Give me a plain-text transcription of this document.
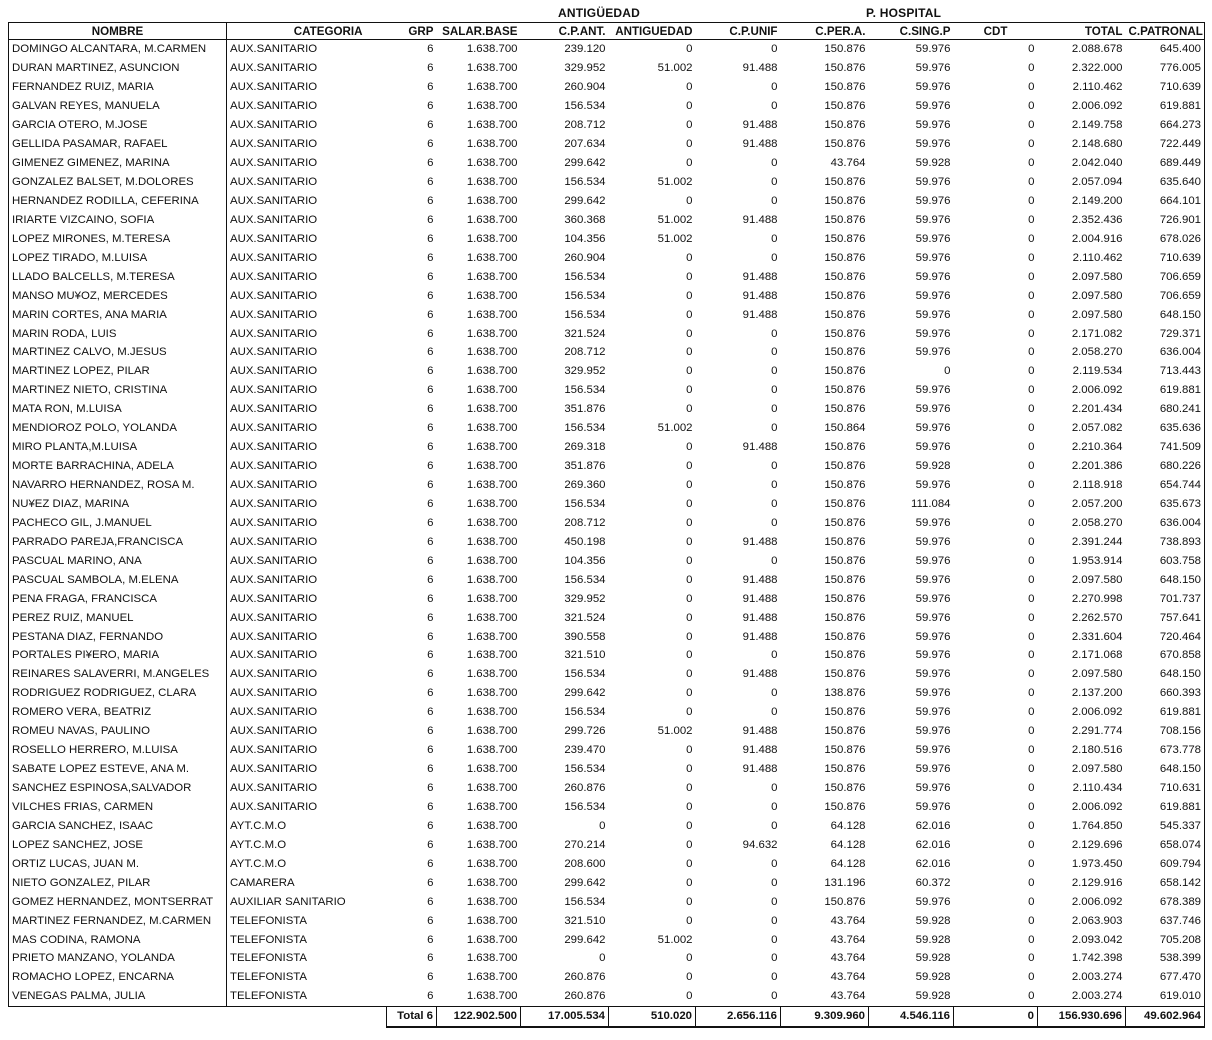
ANTIGÜEDAD	P. HOSPITAL
NOMBRE	CATEGORIA	GRP	SALAR.BASE	C.P.ANT.	ANTIGUEDAD	C.P.UNIF	C.PER.A.	C.SING.P	CDT	TOTAL	C.PATRONAL
DOMINGO ALCANTARA, M.CARMEN	AUX.SANITARIO	6	1.638.700	239.120	0	0	150.876	59.976	0	2.088.678	645.400
DURAN MARTINEZ, ASUNCION	AUX.SANITARIO	6	1.638.700	329.952	51.002	91.488	150.876	59.976	0	2.322.000	776.005
FERNANDEZ RUIZ, MARIA	AUX.SANITARIO	6	1.638.700	260.904	0	0	150.876	59.976	0	2.110.462	710.639
GALVAN REYES, MANUELA	AUX.SANITARIO	6	1.638.700	156.534	0	0	150.876	59.976	0	2.006.092	619.881
GARCIA OTERO, M.JOSE	AUX.SANITARIO	6	1.638.700	208.712	0	91.488	150.876	59.976	0	2.149.758	664.273
GELLIDA PASAMAR, RAFAEL	AUX.SANITARIO	6	1.638.700	207.634	0	91.488	150.876	59.976	0	2.148.680	722.449
GIMENEZ GIMENEZ, MARINA	AUX.SANITARIO	6	1.638.700	299.642	0	0	43.764	59.928	0	2.042.040	689.449
GONZALEZ BALSET, M.DOLORES	AUX.SANITARIO	6	1.638.700	156.534	51.002	0	150.876	59.976	0	2.057.094	635.640
HERNANDEZ RODILLA, CEFERINA	AUX.SANITARIO	6	1.638.700	299.642	0	0	150.876	59.976	0	2.149.200	664.101
IRIARTE VIZCAINO, SOFIA	AUX.SANITARIO	6	1.638.700	360.368	51.002	91.488	150.876	59.976	0	2.352.436	726.901
LOPEZ MIRONES, M.TERESA	AUX.SANITARIO	6	1.638.700	104.356	51.002	0	150.876	59.976	0	2.004.916	678.026
LOPEZ TIRADO, M.LUISA	AUX.SANITARIO	6	1.638.700	260.904	0	0	150.876	59.976	0	2.110.462	710.639
LLADO BALCELLS, M.TERESA	AUX.SANITARIO	6	1.638.700	156.534	0	91.488	150.876	59.976	0	2.097.580	706.659
MANSO MU¥OZ, MERCEDES	AUX.SANITARIO	6	1.638.700	156.534	0	91.488	150.876	59.976	0	2.097.580	706.659
MARIN CORTES, ANA MARIA	AUX.SANITARIO	6	1.638.700	156.534	0	91.488	150.876	59.976	0	2.097.580	648.150
MARIN RODA, LUIS	AUX.SANITARIO	6	1.638.700	321.524	0	0	150.876	59.976	0	2.171.082	729.371
MARTINEZ CALVO, M.JESUS	AUX.SANITARIO	6	1.638.700	208.712	0	0	150.876	59.976	0	2.058.270	636.004
MARTINEZ LOPEZ, PILAR	AUX.SANITARIO	6	1.638.700	329.952	0	0	150.876	0	0	2.119.534	713.443
MARTINEZ NIETO, CRISTINA	AUX.SANITARIO	6	1.638.700	156.534	0	0	150.876	59.976	0	2.006.092	619.881
MATA RON, M.LUISA	AUX.SANITARIO	6	1.638.700	351.876	0	0	150.876	59.976	0	2.201.434	680.241
MENDIOROZ POLO, YOLANDA	AUX.SANITARIO	6	1.638.700	156.534	51.002	0	150.864	59.976	0	2.057.082	635.636
MIRO PLANTA,M.LUISA	AUX.SANITARIO	6	1.638.700	269.318	0	91.488	150.876	59.976	0	2.210.364	741.509
MORTE BARRACHINA, ADELA	AUX.SANITARIO	6	1.638.700	351.876	0	0	150.876	59.928	0	2.201.386	680.226
NAVARRO HERNANDEZ, ROSA M.	AUX.SANITARIO	6	1.638.700	269.360	0	0	150.876	59.976	0	2.118.918	654.744
NU¥EZ DIAZ, MARINA	AUX.SANITARIO	6	1.638.700	156.534	0	0	150.876	111.084	0	2.057.200	635.673
PACHECO GIL, J.MANUEL	AUX.SANITARIO	6	1.638.700	208.712	0	0	150.876	59.976	0	2.058.270	636.004
PARRADO PAREJA,FRANCISCA	AUX.SANITARIO	6	1.638.700	450.198	0	91.488	150.876	59.976	0	2.391.244	738.893
PASCUAL MARINO, ANA	AUX.SANITARIO	6	1.638.700	104.356	0	0	150.876	59.976	0	1.953.914	603.758
PASCUAL SAMBOLA, M.ELENA	AUX.SANITARIO	6	1.638.700	156.534	0	91.488	150.876	59.976	0	2.097.580	648.150
PENA FRAGA, FRANCISCA	AUX.SANITARIO	6	1.638.700	329.952	0	91.488	150.876	59.976	0	2.270.998	701.737
PEREZ RUIZ, MANUEL	AUX.SANITARIO	6	1.638.700	321.524	0	91.488	150.876	59.976	0	2.262.570	757.641
PESTANA DIAZ, FERNANDO	AUX.SANITARIO	6	1.638.700	390.558	0	91.488	150.876	59.976	0	2.331.604	720.464
PORTALES PI¥ERO, MARIA	AUX.SANITARIO	6	1.638.700	321.510	0	0	150.876	59.976	0	2.171.068	670.858
REINARES SALAVERRI, M.ANGELES	AUX.SANITARIO	6	1.638.700	156.534	0	91.488	150.876	59.976	0	2.097.580	648.150
RODRIGUEZ RODRIGUEZ, CLARA	AUX.SANITARIO	6	1.638.700	299.642	0	0	138.876	59.976	0	2.137.200	660.393
ROMERO VERA, BEATRIZ	AUX.SANITARIO	6	1.638.700	156.534	0	0	150.876	59.976	0	2.006.092	619.881
ROMEU NAVAS, PAULINO	AUX.SANITARIO	6	1.638.700	299.726	51.002	91.488	150.876	59.976	0	2.291.774	708.156
ROSELLO HERRERO, M.LUISA	AUX.SANITARIO	6	1.638.700	239.470	0	91.488	150.876	59.976	0	2.180.516	673.778
SABATE LOPEZ ESTEVE, ANA M.	AUX.SANITARIO	6	1.638.700	156.534	0	91.488	150.876	59.976	0	2.097.580	648.150
SANCHEZ ESPINOSA,SALVADOR	AUX.SANITARIO	6	1.638.700	260.876	0	0	150.876	59.976	0	2.110.434	710.631
VILCHES FRIAS, CARMEN	AUX.SANITARIO	6	1.638.700	156.534	0	0	150.876	59.976	0	2.006.092	619.881
GARCIA SANCHEZ, ISAAC	AYT.C.M.O	6	1.638.700	0	0	0	64.128	62.016	0	1.764.850	545.337
LOPEZ SANCHEZ, JOSE	AYT.C.M.O	6	1.638.700	270.214	0	94.632	64.128	62.016	0	2.129.696	658.074
ORTIZ LUCAS, JUAN M.	AYT.C.M.O	6	1.638.700	208.600	0	0	64.128	62.016	0	1.973.450	609.794
NIETO GONZALEZ, PILAR	CAMARERA	6	1.638.700	299.642	0	0	131.196	60.372	0	2.129.916	658.142
GOMEZ HERNANDEZ, MONTSERRAT	AUXILIAR SANITARIO	6	1.638.700	156.534	0	0	150.876	59.976	0	2.006.092	678.389
MARTINEZ FERNANDEZ, M.CARMEN	TELEFONISTA	6	1.638.700	321.510	0	0	43.764	59.928	0	2.063.903	637.746
MAS CODINA, RAMONA	TELEFONISTA	6	1.638.700	299.642	51.002	0	43.764	59.928	0	2.093.042	705.208
PRIETO MANZANO, YOLANDA	TELEFONISTA	6	1.638.700	0	0	0	43.764	59.928	0	1.742.398	538.399
ROMACHO LOPEZ, ENCARNA	TELEFONISTA	6	1.638.700	260.876	0	0	43.764	59.928	0	2.003.274	677.470
VENEGAS PALMA, JULIA	TELEFONISTA	6	1.638.700	260.876	0	0	43.764	59.928	0	2.003.274	619.010
		Total 6	122.902.500	17.005.534	510.020	2.656.116	9.309.960	4.546.116	0	156.930.696	49.602.964
